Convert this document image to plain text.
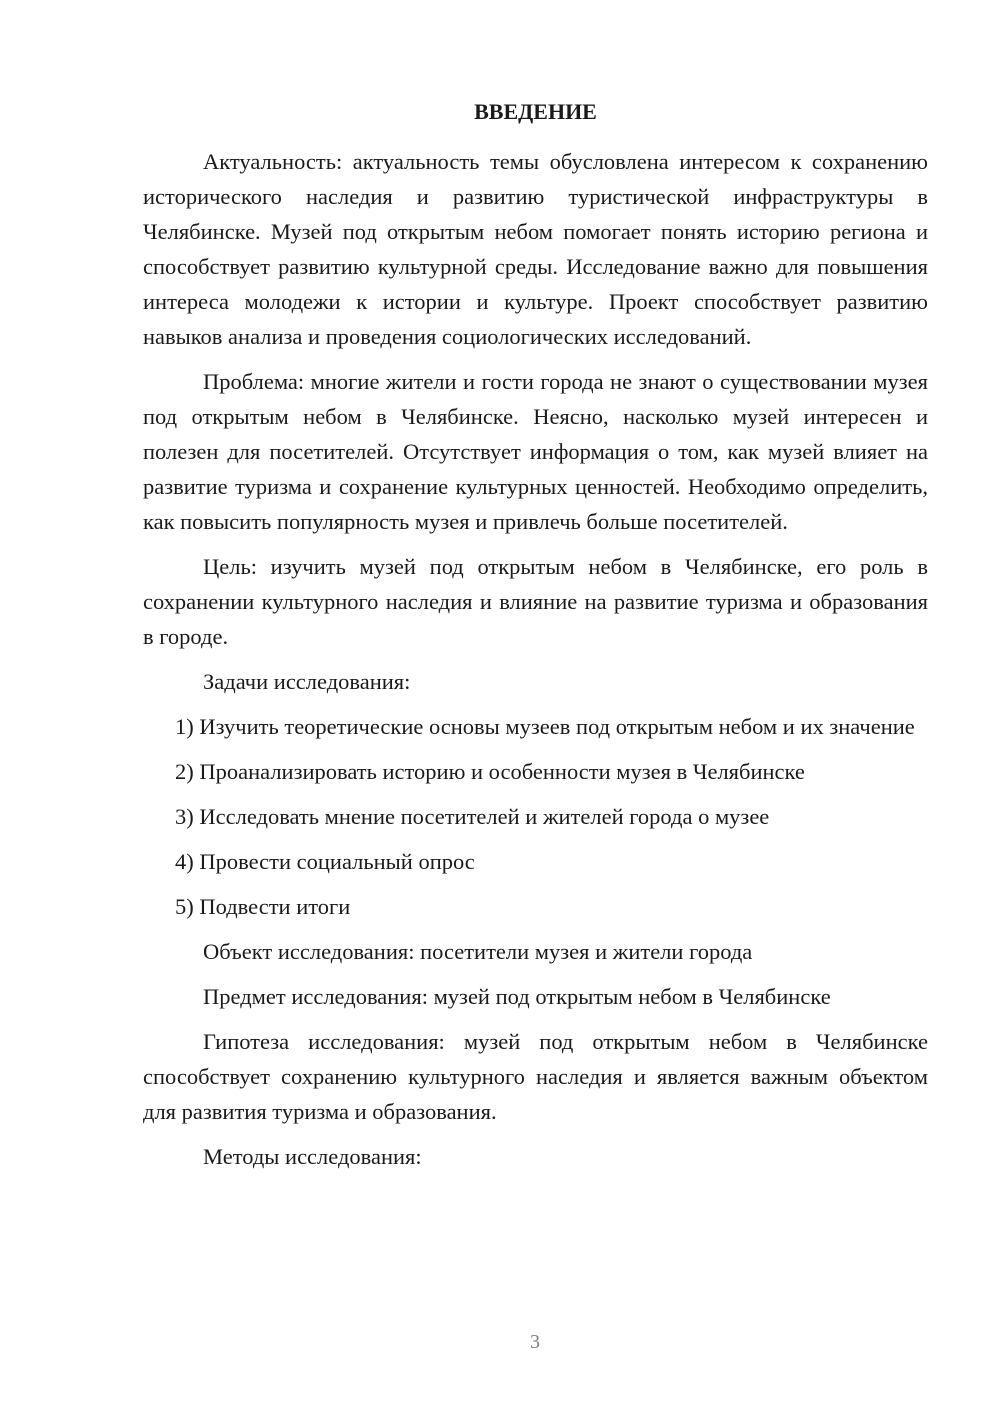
ВВЕДЕНИЕ

Актуальность: актуальность темы обусловлена интересом к сохранению исторического наследия и развитию туристической инфраструктуры в Челябинске. Музей под открытым небом помогает понять историю региона и способствует развитию культурной среды. Исследование важно для повышения интереса молодежи к истории и культуре. Проект способствует развитию навыков анализа и проведения социологических исследований.

Проблема: многие жители и гости города не знают о существовании музея под открытым небом в Челябинске. Неясно, насколько музей интересен и полезен для посетителей. Отсутствует информация о том, как музей влияет на развитие туризма и сохранение культурных ценностей. Необходимо определить, как повысить популярность музея и привлечь больше посетителей.

Цель: изучить музей под открытым небом в Челябинске, его роль в сохранении культурного наследия и влияние на развитие туризма и образования в городе.

Задачи исследования:

1) Изучить теоретические основы музеев под открытым небом и их значение

2) Проанализировать историю и особенности музея в Челябинске
3) Исследовать мнение посетителей и жителей города о музее
4) Провести социальный опрос
5) Подвести итоги
Объект исследования: посетители музея и жители города
Предмет исследования: музей под открытым небом в Челябинске

Гипотеза исследования: музей под открытым небом в Челябинске способствует сохранению культурного наследия и является важным объектом для развития туризма и образования.

Методы исследования:
3
